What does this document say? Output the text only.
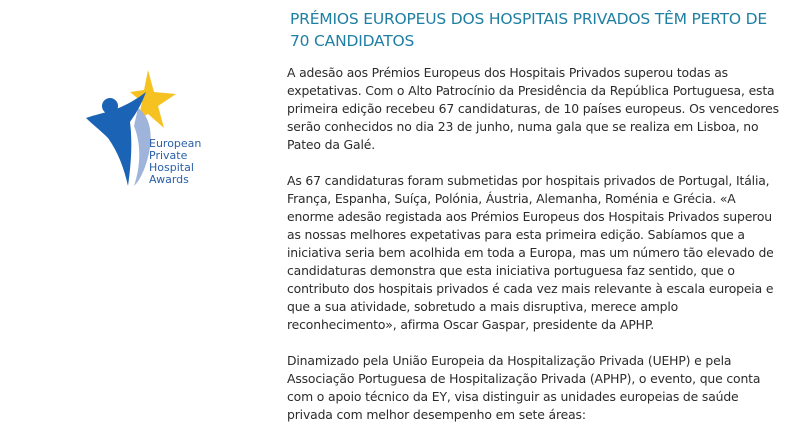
European
Private
Hospital
Awards
PRÉMIOS EUROPEUS DOS HOSPITAIS PRIVADOS TÊM PERTO DE 70 CANDIDATOS

A adesão aos Prémios Europeus dos Hospitais Privados superou todas as expetativas. Com o Alto Patrocínio da Presidência da República Portuguesa, esta primeira edição recebeu 67 candidaturas, de 10 países europeus. Os vencedores serão conhecidos no dia 23 de junho, numa gala que se realiza em Lisboa, no Pateo da Galé.

As 67 candidaturas foram submetidas por hospitais privados de Portugal, Itália, França, Espanha, Suíça, Polónia, Áustria, Alemanha, Roménia e Grécia. «A enorme adesão registada aos Prémios Europeus dos Hospitais Privados superou as nossas melhores expetativas para esta primeira edição. Sabíamos que a iniciativa seria bem acolhida em toda a Europa, mas um número tão elevado de candidaturas demonstra que esta iniciativa portuguesa faz sentido, que o contributo dos hospitais privados é cada vez mais relevante à escala europeia e que a sua atividade, sobretudo a mais disruptiva, merece amplo reconhecimento», afirma Oscar Gaspar, presidente da APHP.

Dinamizado pela União Europeia da Hospitalização Privada (UEHP) e pela Associação Portuguesa de Hospitalização Privada (APHP), o evento, que conta com o apoio técnico da EY, visa distinguir as unidades europeias de saúde privada com melhor desempenho em sete áreas:
